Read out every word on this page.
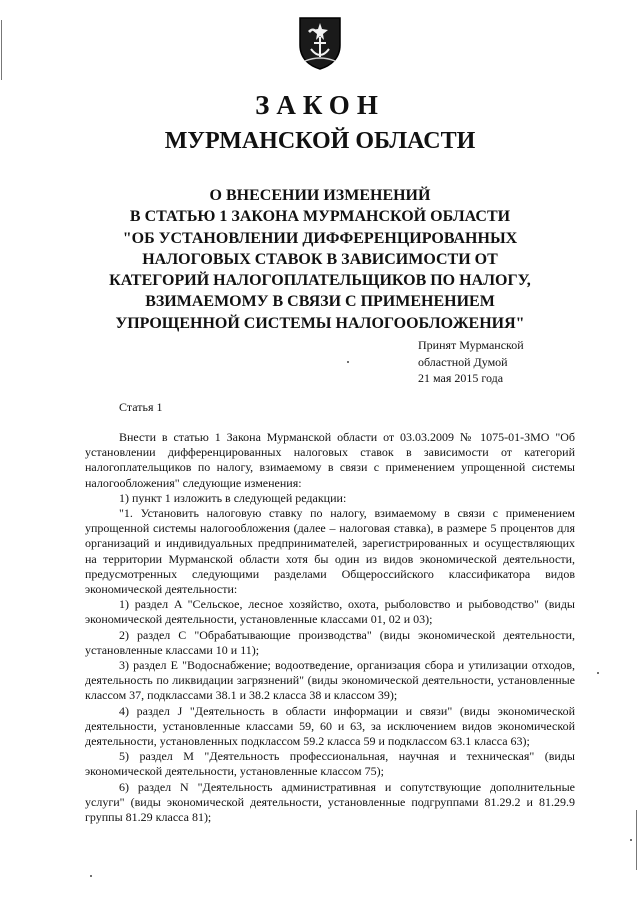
ЗАКОН
МУРМАНСКОЙ ОБЛАСТИ
О ВНЕСЕНИИ ИЗМЕНЕНИЙ
В СТАТЬЮ 1 ЗАКОНА МУРМАНСКОЙ ОБЛАСТИ
"ОБ УСТАНОВЛЕНИИ ДИФФЕРЕНЦИРОВАННЫХ
НАЛОГОВЫХ СТАВОК В ЗАВИСИМОСТИ ОТ
КАТЕГОРИЙ НАЛОГОПЛАТЕЛЬЩИКОВ ПО НАЛОГУ,
ВЗИМАЕМОМУ В СВЯЗИ С ПРИМЕНЕНИЕМ
УПРОЩЕННОЙ СИСТЕМЫ НАЛОГООБЛОЖЕНИЯ"
Принят Мурманской
областной Думой
21 мая 2015 года
Статья 1

Внести в статью 1 Закона Мурманской области от 03.03.2009 № 1075-01-ЗМО "Об установлении дифференцированных налоговых ставок в зависимости от категорий налогоплательщиков по налогу, взимаемому в связи с применением упрощенной системы налогообложения" следующие изменения:

1) пункт 1 изложить в следующей редакции:

"1. Установить налоговую ставку по налогу, взимаемому в связи с применением упрощенной системы налогообложения (далее – налоговая ставка), в размере 5 процентов для организаций и индивидуальных предпринимателей, зарегистрированных и осуществляющих на территории Мурманской области хотя бы один из видов экономической деятельности, предусмотренных следующими разделами Общероссийского классификатора видов экономической деятельности:

1) раздел A "Сельское, лесное хозяйство, охота, рыболовство и рыбоводство" (виды экономической деятельности, установленные классами 01, 02 и 03);

2) раздел C "Обрабатывающие производства" (виды экономической деятельности, установленные классами 10 и 11);

3) раздел E "Водоснабжение; водоотведение, организация сбора и утилизации отходов, деятельность по ликвидации загрязнений" (виды экономической деятельности, установленные классом 37, подклассами 38.1 и 38.2 класса 38 и классом 39);

4) раздел J "Деятельность в области информации и связи" (виды экономической деятельности, установленные классами 59, 60 и 63, за исключением видов экономической деятельности, установленных подклассом 59.2 класса 59 и подклассом 63.1 класса 63);

5) раздел M "Деятельность профессиональная, научная и техническая" (виды экономической деятельности, установленные классом 75);

6) раздел N "Деятельность административная и сопутствующие дополнительные услуги" (виды экономической деятельности, установленные подгруппами 81.29.2 и 81.29.9 группы 81.29 класса 81);
